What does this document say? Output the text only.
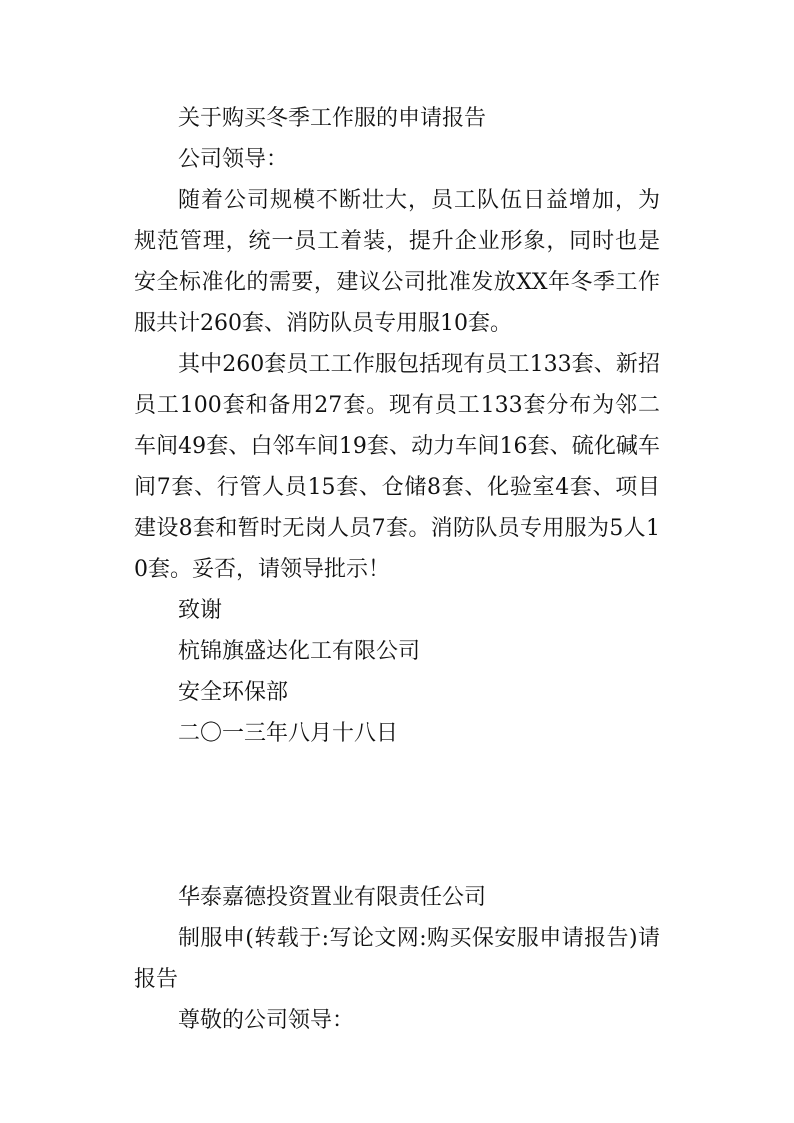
关于购买冬季工作服的申请报告

公司领导：

随着公司规模不断壮大，员工队伍日益增加，为规范管理，统一员工着装，提升企业形象，同时也是安全标准化的需要，建议公司批准发放XX年冬季工作服共计260套、消防队员专用服10套。

其中260套员工工作服包括现有员工133套、新招员工100套和备用27套。现有员工133套分布为邻二车间49套、白邻车间19套、动力车间16套、硫化碱车间7套、行管人员15套、仓储8套、化验室4套、项目建设8套和暂时无岗人员7套。消防队员专用服为5人10套。妥否，请领导批示！

致谢

杭锦旗盛达化工有限公司

安全环保部

二〇一三年八月十八日

华泰嘉德投资置业有限责任公司

制服申(转载于:写论文网:购买保安服申请报告)请报告

尊敬的公司领导：
